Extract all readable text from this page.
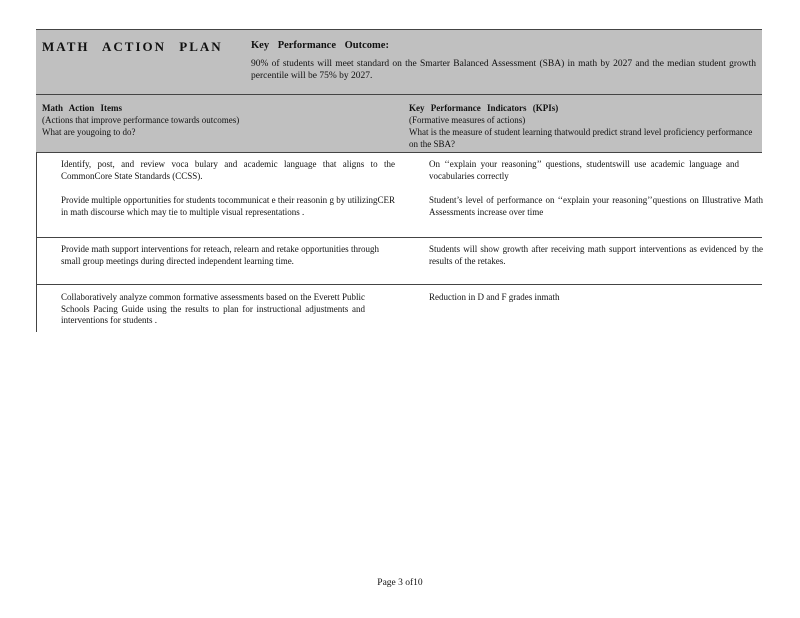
MATH ACTION PLAN	Key Performance Outcome:
90% of students will meet standard on the Smarter Balanced Assessment (SBA) in math by 2027 and the median student growth percentile will be 75% by 2027.
Math Action Items
(Actions that improve performance towards outcomes)
What are yougoing to do?
Key Performance Indicators (KPIs)
(Formative measures of actions)
What is the measure of student learning thatwould predict strand level proficiency performance on the SBA?
Identify, post, and review voca bulary and academic language that aligns to the CommonCore State Standards (CCSS).
Provide multiple opportunities for students tocommunicat e their reasonin g by utilizingCER in math discourse which may tie to multiple visual representations .
On ‘‘explain your reasoning’’ questions, studentswill use academic language and vocabularies correctly
Student’s level of performance on ‘‘explain your reasoning’’questions on Illustrative Math Assessments increase over time
Provide math support interventions for reteach, relearn and retake opportunities through small group meetings during directed independent learning time.
Students will show growth after receiving math support interventions as evidenced by the results of the retakes.
Collaboratively analyze common formative assessments based on the Everett Public Schools Pacing Guide using the results to plan for instructional adjustments and interventions for students .
Reduction in D and F grades inmath
Page 3 of10
